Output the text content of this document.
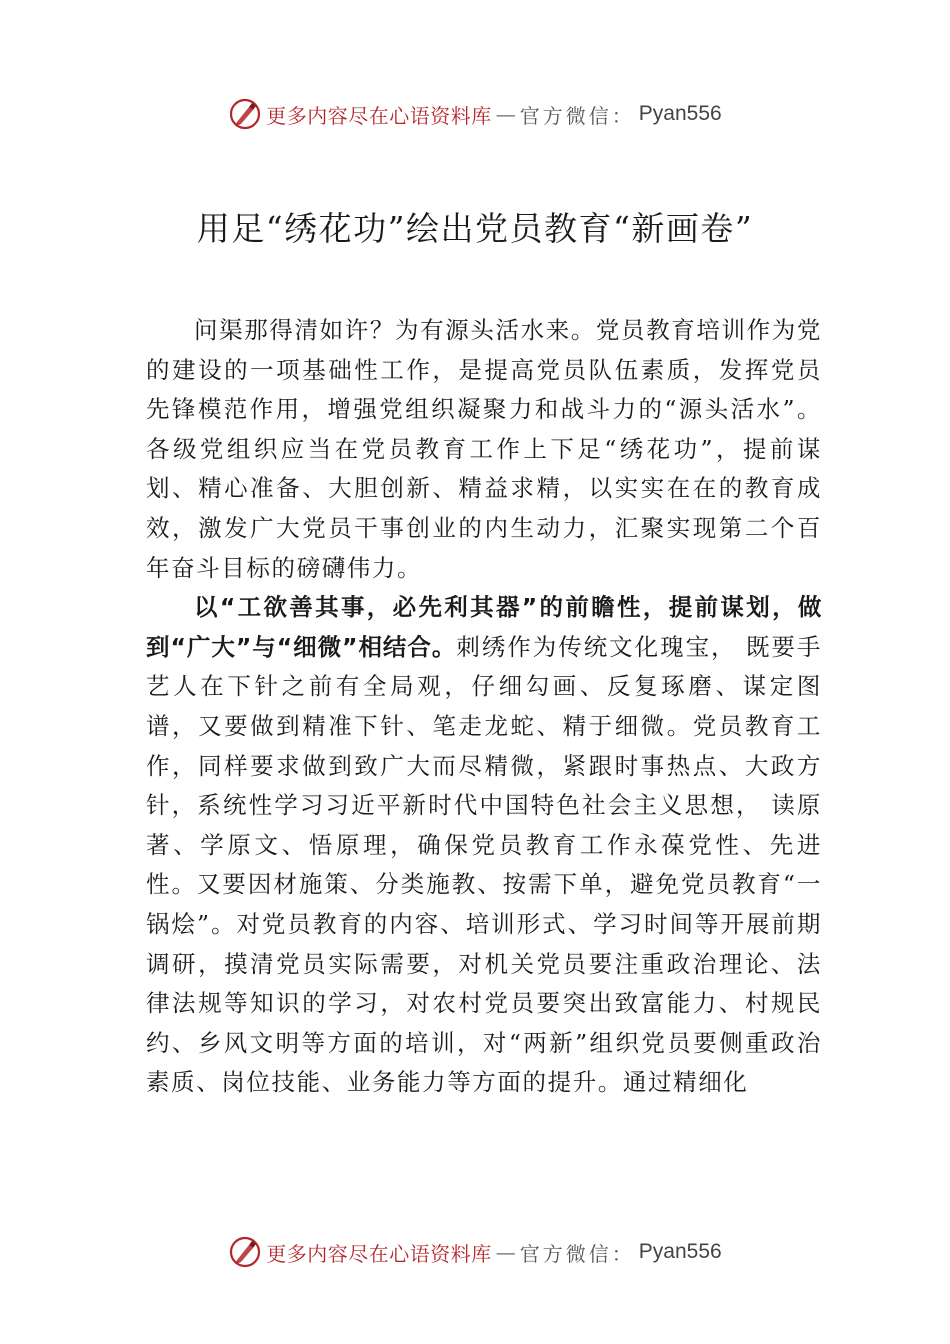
更多内容尽在心语资料库 — 官方微信： Pyan556
用足“绣花功”绘出党员教育“新画卷”

问渠那得清如许？为有源头活水来。党员教育培训作为党的建设的一项基础性工作，是提高党员队伍素质，发挥党员先锋模范作用，增强党组织凝聚力和战斗力的“源头活水”。各级党组织应当在党员教育工作上下足“绣花功”，提前谋划、精心准备、大胆创新、精益求精，以实实在在的教育成效，激发广大党员干事创业的内生动力，汇聚实现第二个百年奋斗目标的磅礴伟力。

以“工欲善其事，必先利其器”的前瞻性，提前谋划，做到“广大”与“细微”相结合。刺绣作为传统文化瑰宝， 既要手艺人在下针之前有全局观，仔细勾画、反复琢磨、谋定图谱，又要做到精准下针、笔走龙蛇、精于细微。党员教育工作，同样要求做到致广大而尽精微，紧跟时事热点、大政方针，系统性学习习近平新时代中国特色社会主义思想， 读原著、学原文、悟原理，确保党员教育工作永葆党性、先进性。又要因材施策、分类施教、按需下单，避免党员教育“一锅烩”。对党员教育的内容、培训形式、学习时间等开展前期调研，摸清党员实际需要，对机关党员要注重政治理论、法律法规等知识的学习，对农村党员要突出致富能力、村规民约、乡风文明等方面的培训，对“两新”组织党员要侧重政治素质、岗位技能、业务能力等方面的提升。通过精细化

更多内容尽在心语资料库 — 官方微信： Pyan556
